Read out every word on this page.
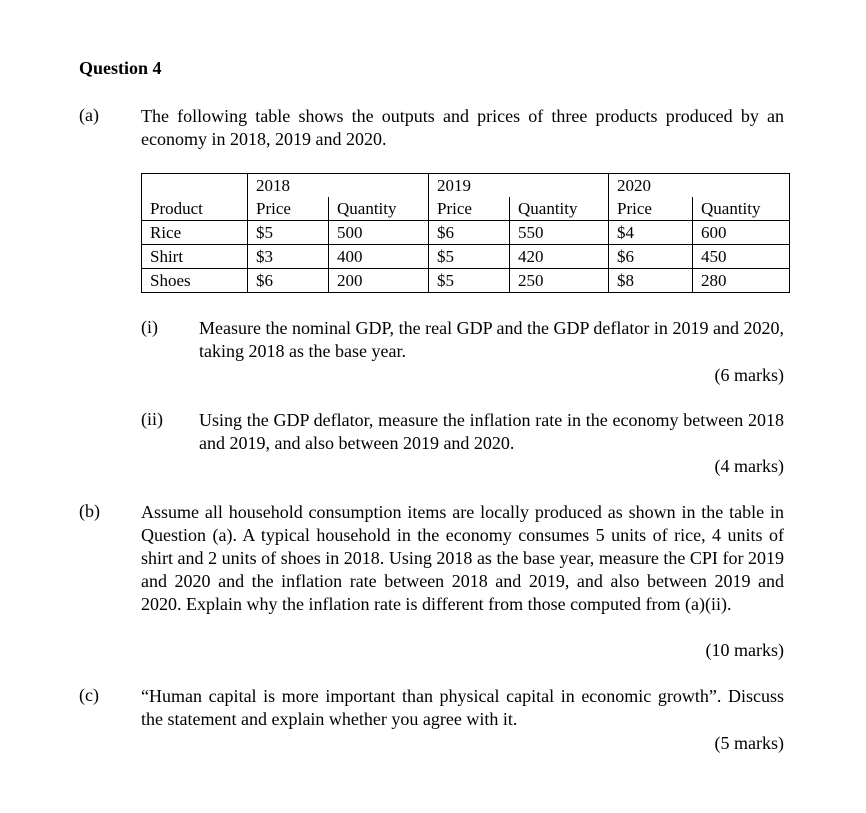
Question 4
(a) The following table shows the outputs and prices of three products produced by an economy in 2018, 2019 and 2020.
	2018		2019		2020	
Product	Price	Quantity	Price	Quantity	Price	Quantity
Rice	$5	500	$6	550	$4	600
Shirt	$3	400	$5	420	$6	450
Shoes	$6	200	$5	250	$8	280
(i) Measure the nominal GDP, the real GDP and the GDP deflator in 2019 and 2020, taking 2018 as the base year.
(6 marks)
(ii) Using the GDP deflator, measure the inflation rate in the economy between 2018 and 2019, and also between 2019 and 2020.
(4 marks)
(b) Assume all household consumption items are locally produced as shown in the table in Question (a). A typical household in the economy consumes 5 units of rice, 4 units of shirt and 2 units of shoes in 2018. Using 2018 as the base year, measure the CPI for 2019 and 2020 and the inflation rate between 2018 and 2019, and also between 2019 and 2020. Explain why the inflation rate is different from those computed from (a)(ii).
(10 marks)
(c) “Human capital is more important than physical capital in economic growth”. Discuss the statement and explain whether you agree with it.
(5 marks)
